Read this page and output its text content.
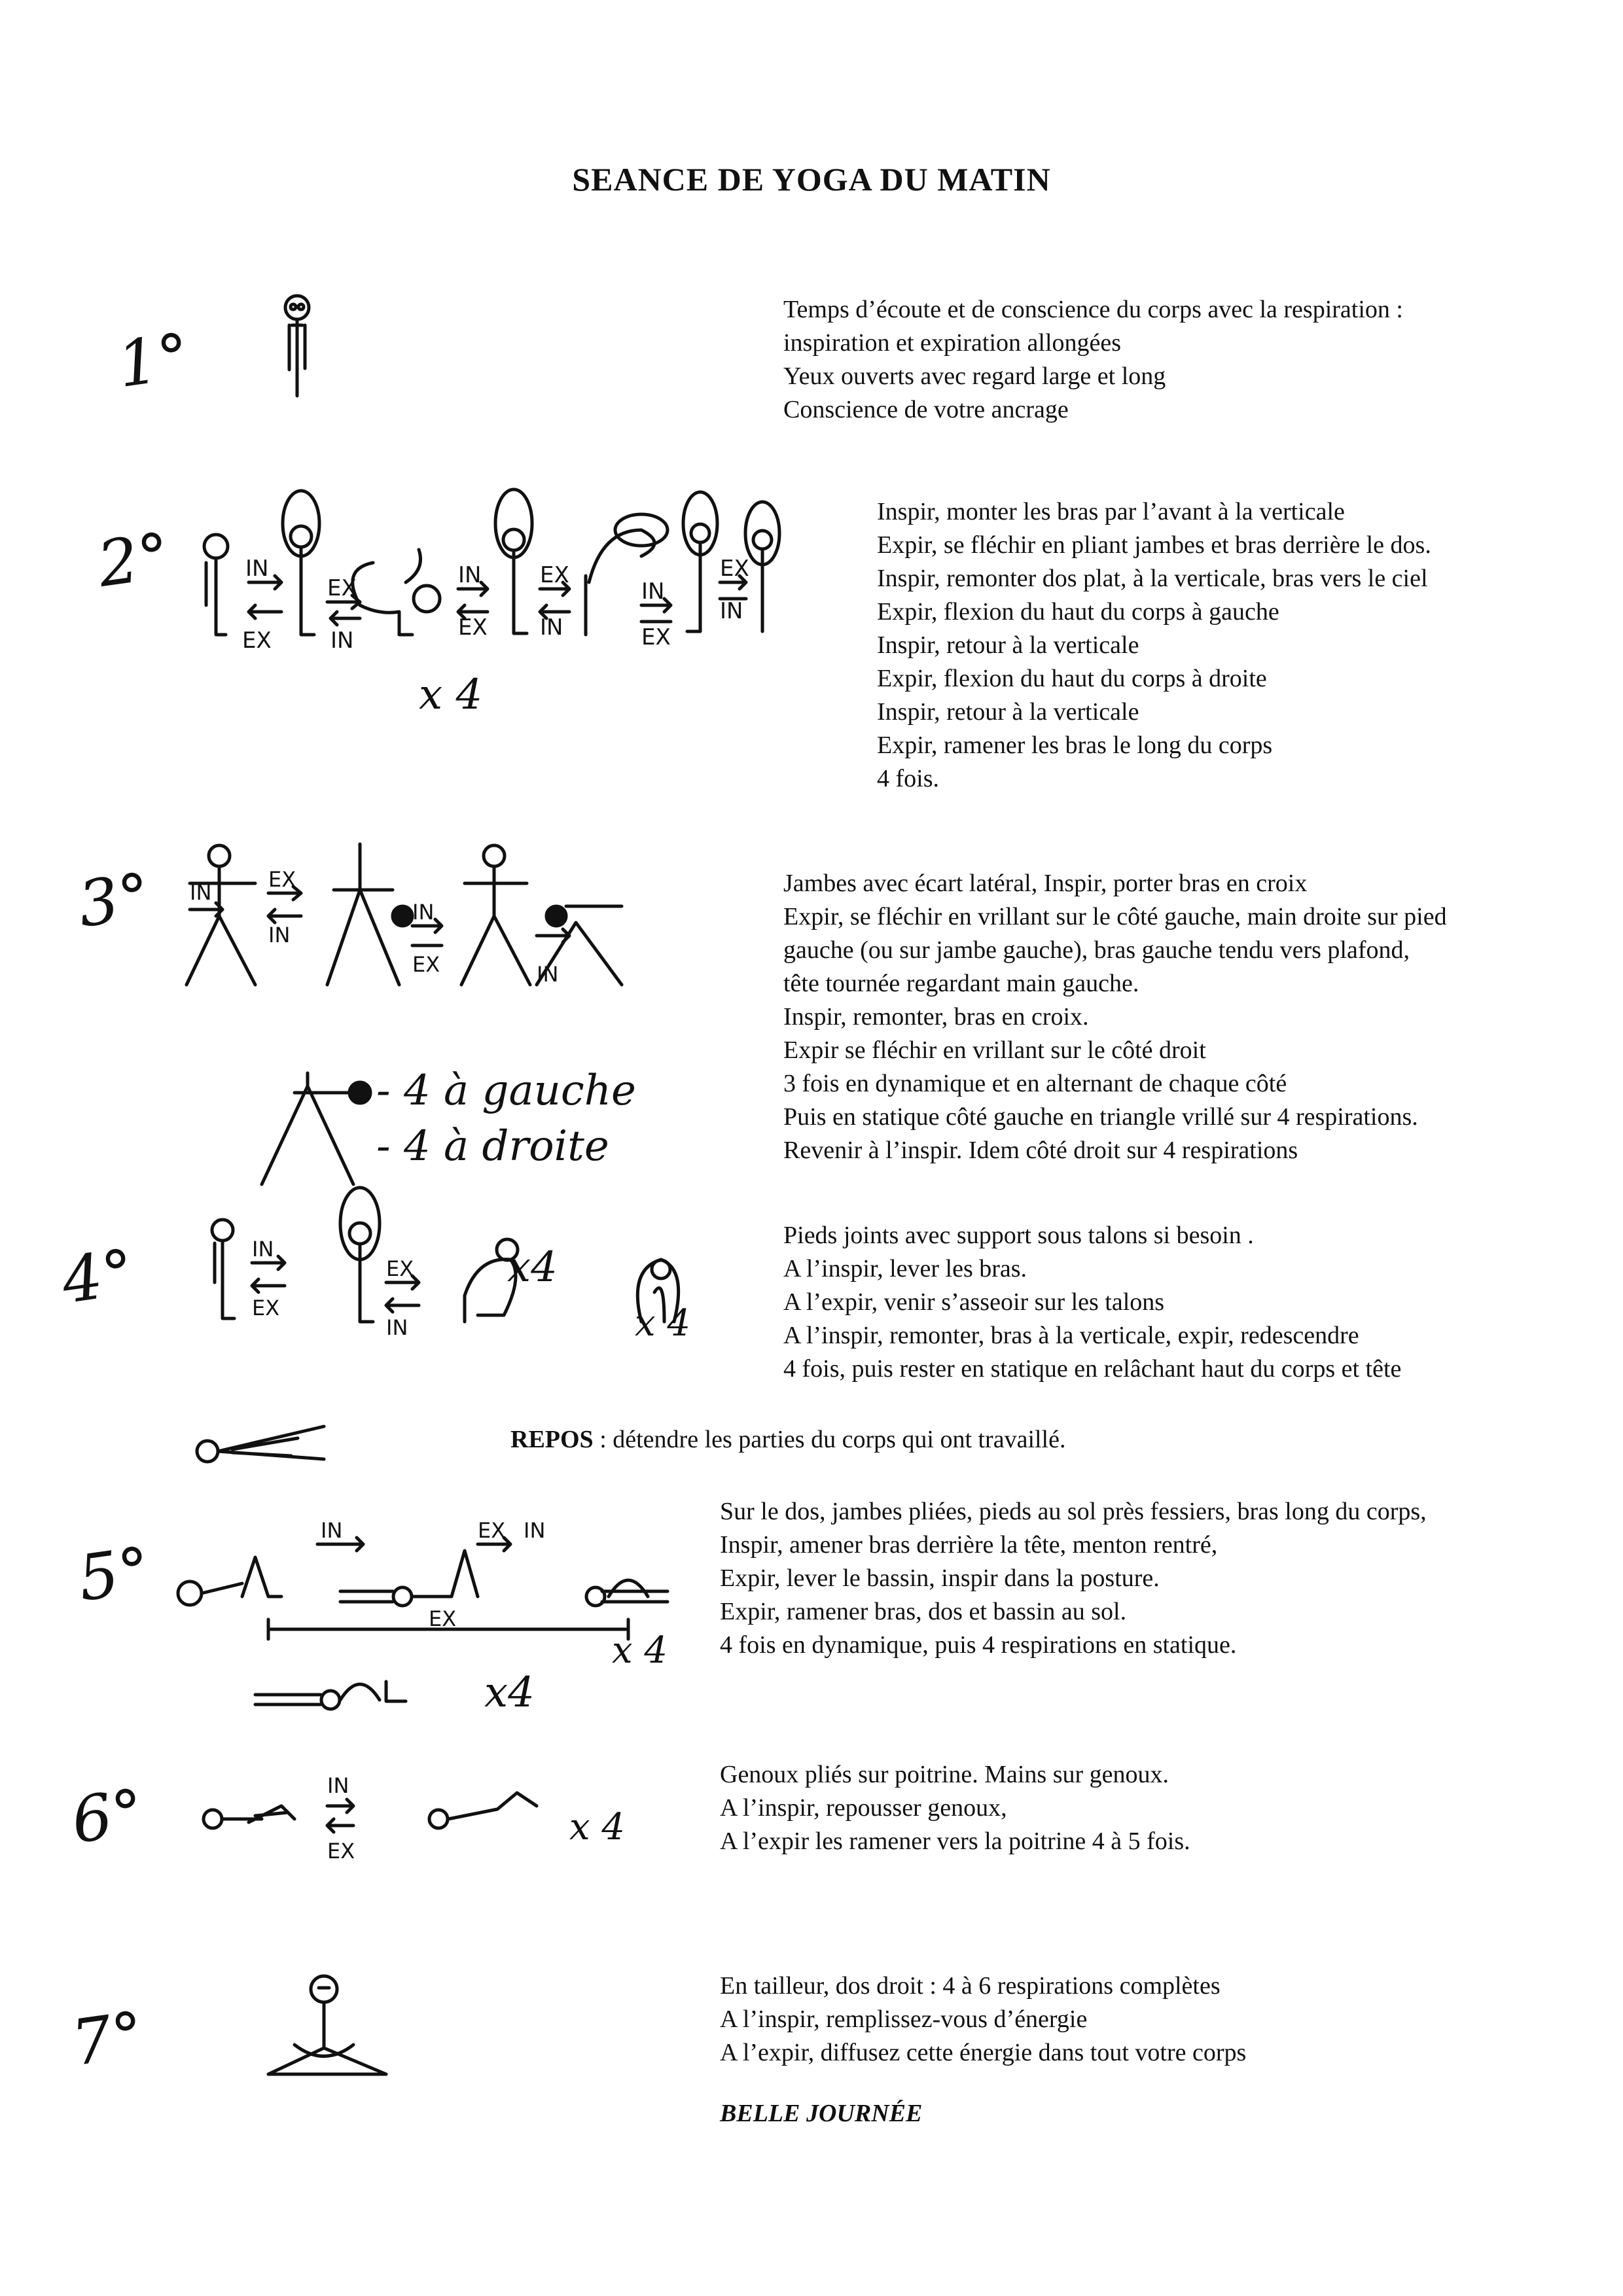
SEANCE DE YOGA DU MATIN
1°
Temps d’écoute et de conscience du corps avec la respiration :
inspiration et expiration allongées
Yeux ouverts avec regard large et long
Conscience de votre ancrage
2°	IN
EX
EX
IN
IN
EX
EX
IN
IN
EX
EX
IN
x 4
Inspir, monter les bras par l’avant à la verticale
Expir, se fléchir en pliant jambes et bras derrière le dos.
Inspir, remonter dos plat, à la verticale, bras vers le ciel
Expir, flexion du haut du corps à gauche
Inspir, retour à la verticale
Expir, flexion du haut du corps à droite
Inspir, retour à la verticale
Expir, ramener les bras le long du corps
4 fois.
3°	EX
IN
IN
IN
EX	IN
- 4 à gauche
- 4 à droite
Jambes avec écart latéral, Inspir, porter bras en croix
Expir, se fléchir en vrillant sur le côté gauche, main droite sur pied
gauche (ou sur jambe gauche), bras gauche tendu vers plafond,
tête tournée regardant main gauche.
Inspir, remonter, bras en croix.
Expir se fléchir en vrillant sur le côté droit
3 fois en dynamique et en alternant de chaque côté
Puis en statique côté gauche en triangle vrillé sur 4 respirations.
Revenir à l’inspir. Idem côté droit sur 4 respirations
4°	IN
EX
EX
IN
x4
x 4
Pieds joints avec support sous talons si besoin .
A l’inspir, lever les bras.
A l’expir, venir s’asseoir sur les talons
A l’inspir, remonter, bras à la verticale, expir, redescendre
4 fois, puis rester en statique en relâchant haut du corps et tête
REPOS : détendre les parties du corps qui ont travaillé.
5°
IN	EX IN
EX
x 4
x4
Sur le dos, jambes pliées, pieds au sol près fessiers, bras long du corps,
Inspir, amener bras derrière la tête, menton rentré,
Expir, lever le bassin, inspir dans la posture.
Expir, ramener bras, dos et bassin au sol.
4 fois en dynamique, puis 4 respirations en statique.
6°	IN
EX
x 4
Genoux pliés sur poitrine. Mains sur genoux.
A l’inspir, repousser genoux,
A l’expir les ramener vers la poitrine 4 à 5 fois.
7°
En tailleur, dos droit : 4 à 6 respirations complètes
A l’inspir, remplissez-vous d’énergie
A l’expir, diffusez cette énergie dans tout votre corps
BELLE JOURNÉE
